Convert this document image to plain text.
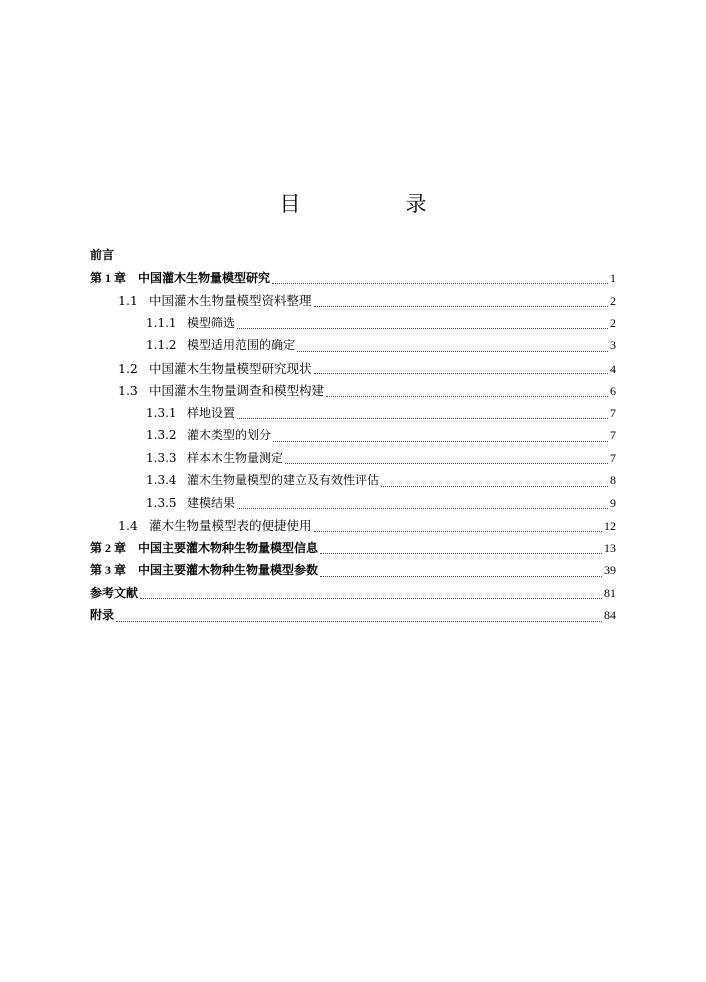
目　录
前言
第 1 章 中国灌木生物量模型研究	1
1.1 中国灌木生物量模型资料整理	2
1.1.1 模型筛选	2
1.1.2 模型适用范围的确定	3
1.2 中国灌木生物量模型研究现状	4
1.3 中国灌木生物量调查和模型构建	6
1.3.1 样地设置	7
1.3.2 灌木类型的划分	7
1.3.3 样本木生物量测定	7
1.3.4 灌木生物量模型的建立及有效性评估	8
1.3.5 建模结果	9
1.4 灌木生物量模型表的便捷使用	12
第 2 章 中国主要灌木物种生物量模型信息	13
第 3 章 中国主要灌木物种生物量模型参数	39
参考文献	81
附录	84
